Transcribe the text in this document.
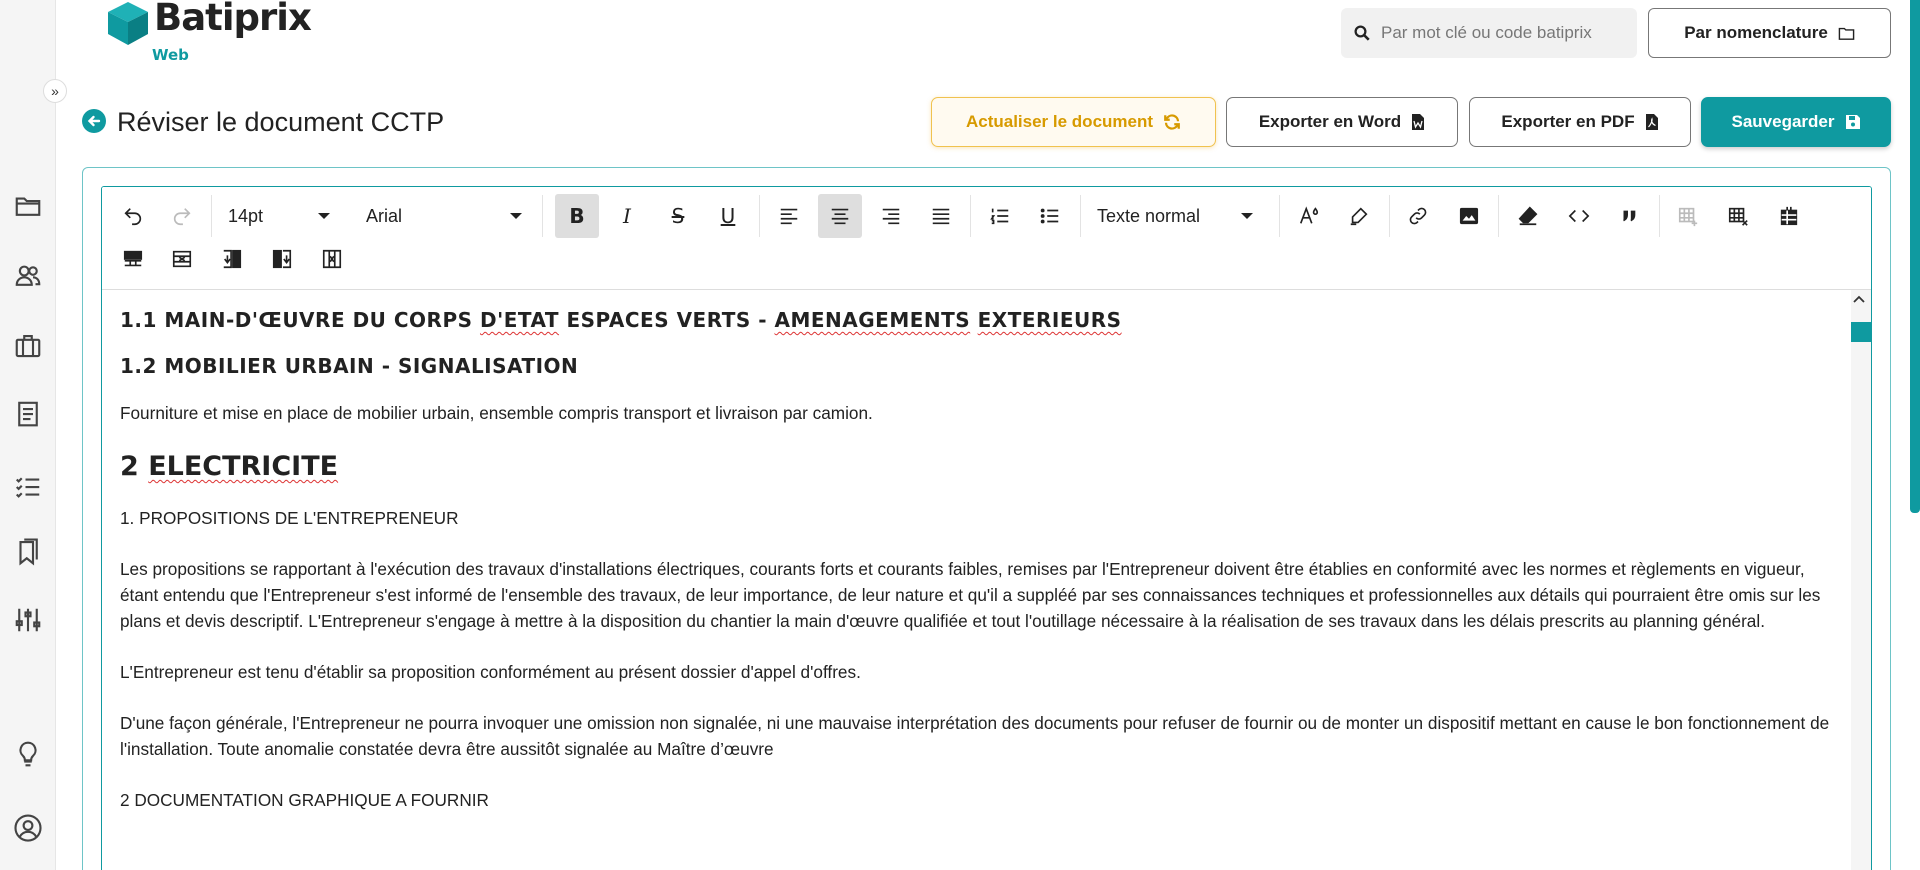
»
Batiprix
Web
Par mot clé ou code batiprix
Par nomenclature
Réviser le document CCTP	Actualiser le document	Exporter en Word	Exporter en PDF	Sauvegarder
14pt	Arial	B	I	S	U	Texte normal
1.1 MAIN-D'ŒUVRE DU CORPS D'ETAT ESPACES VERTS - AMENAGEMENTS EXTERIEURS
1.2 MOBILIER URBAIN - SIGNALISATION

Fourniture et mise en place de mobilier urbain, ensemble compris transport et livraison par camion.

2 ELECTRICITE

1. PROPOSITIONS DE L'ENTREPRENEUR

Les propositions se rapportant à l'exécution des travaux d'installations électriques, courants forts et courants faibles, remises par l'Entrepreneur doivent être établies en conformité avec les normes et règlements en vigueur, étant entendu que l'Entrepreneur s'est informé de l'ensemble des travaux, de leur importance, de leur nature et qu'il a suppléé par ses connaissances techniques et professionnelles aux détails qui pourraient être omis sur les plans et devis descriptif. L'Entrepreneur s'engage à mettre à la disposition du chantier la main d'œuvre qualifiée et tout l'outillage nécessaire à la réalisation de ses travaux dans les délais prescrits au planning général.

L'Entrepreneur est tenu d'établir sa proposition conformément au présent dossier d'appel d'offres.

D'une façon générale, l'Entrepreneur ne pourra invoquer une omission non signalée, ni une mauvaise interprétation des documents pour refuser de fournir ou de monter un dispositif mettant en cause le bon fonctionnement de l'installation. Toute anomalie constatée devra être aussitôt signalée au Maître d’œuvre

2 DOCUMENTATION GRAPHIQUE A FOURNIR
